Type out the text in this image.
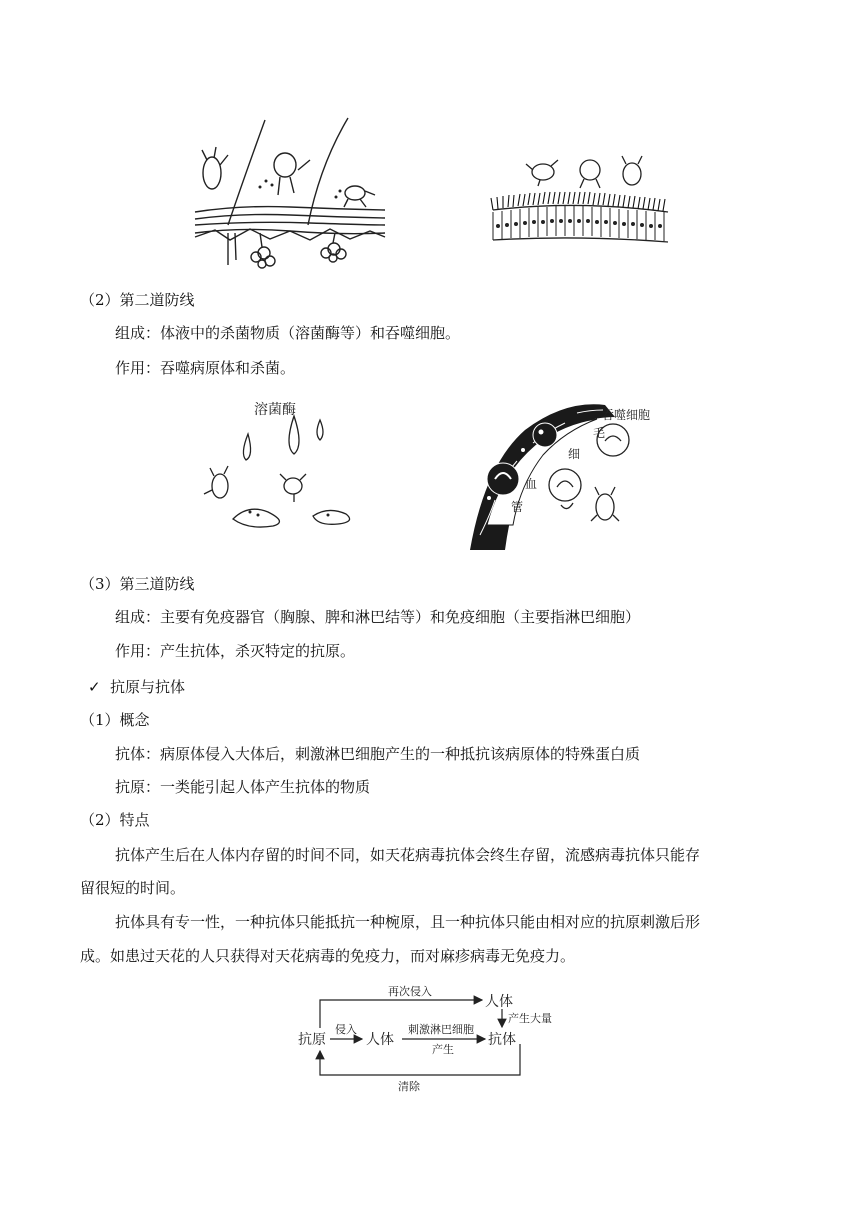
（2）第二道防线
组成：体液中的杀菌物质（溶菌酶等）和吞噬细胞。
作用：吞噬病原体和杀菌。
溶菌酶	吞噬细胞
毛
细
血
管
（3）第三道防线
组成：主要有免疫器官（胸腺、脾和淋巴结等）和免疫细胞（主要指淋巴细胞）
作用：产生抗体，杀灭特定的抗原。
✓ 抗原与抗体
（1）概念
抗体：病原体侵入大体后，刺激淋巴细胞产生的一种抵抗该病原体的特殊蛋白质
抗原：一类能引起人体产生抗体的物质
（2）特点
抗体产生后在人体内存留的时间不同，如天花病毒抗体会终生存留，流感病毒抗体只能存
留很短的时间。
抗体具有专一性，一种抗体只能抵抗一种椀原，且一种抗体只能由相对应的抗原刺激后形
成。如患过天花的人只获得对天花病毒的免疫力，而对麻疹病毒无免疫力。
抗原
侵入
人体
刺激淋巴细胞
产生
抗体
再次侵入
人体
产生大量
清除
